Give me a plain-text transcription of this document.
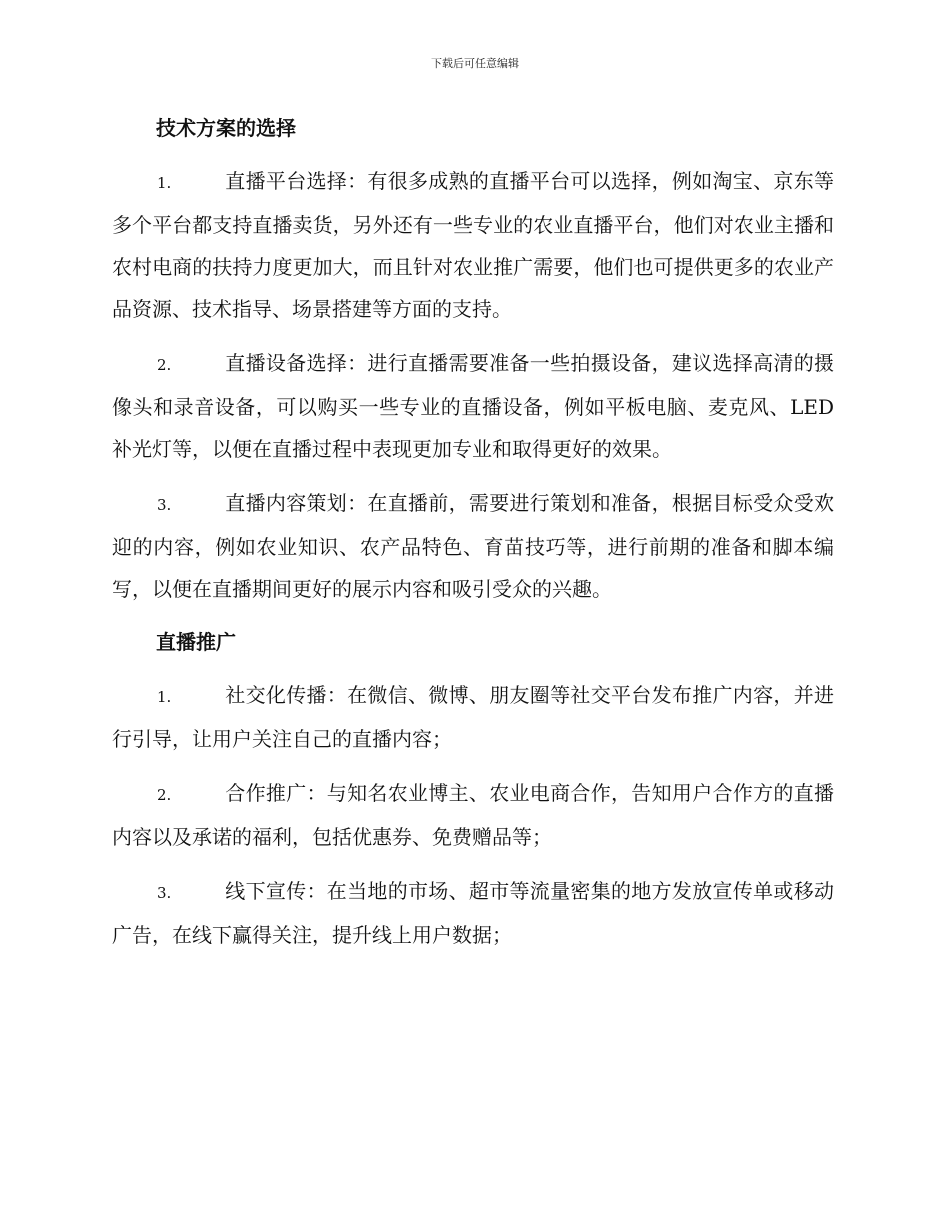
下载后可任意编辑
技术方案的选择

1.	直播平台选择：有很多成熟的直播平台可以选择，例如淘宝、京东等多个平台都支持直播卖货，另外还有一些专业的农业直播平台，他们对农业主播和农村电商的扶持力度更加大，而且针对农业推广需要，他们也可提供更多的农业产品资源、技术指导、场景搭建等方面的支持。

2.	直播设备选择：进行直播需要准备一些拍摄设备，建议选择高清的摄像头和录音设备，可以购买一些专业的直播设备，例如平板电脑、麦克风、LED 补光灯等，以便在直播过程中表现更加专业和取得更好的效果。

3.	直播内容策划：在直播前，需要进行策划和准备，根据目标受众受欢迎的内容，例如农业知识、农产品特色、育苗技巧等，进行前期的准备和脚本编写，以便在直播期间更好的展示内容和吸引受众的兴趣。

直播推广

1.	社交化传播：在微信、微博、朋友圈等社交平台发布推广内容，并进行引导，让用户关注自己的直播内容；

2.	合作推广：与知名农业博主、农业电商合作，告知用户合作方的直播内容以及承诺的福利，包括优惠券、免费赠品等；

3.	线下宣传：在当地的市场、超市等流量密集的地方发放宣传单或移动广告，在线下赢得关注，提升线上用户数据；
